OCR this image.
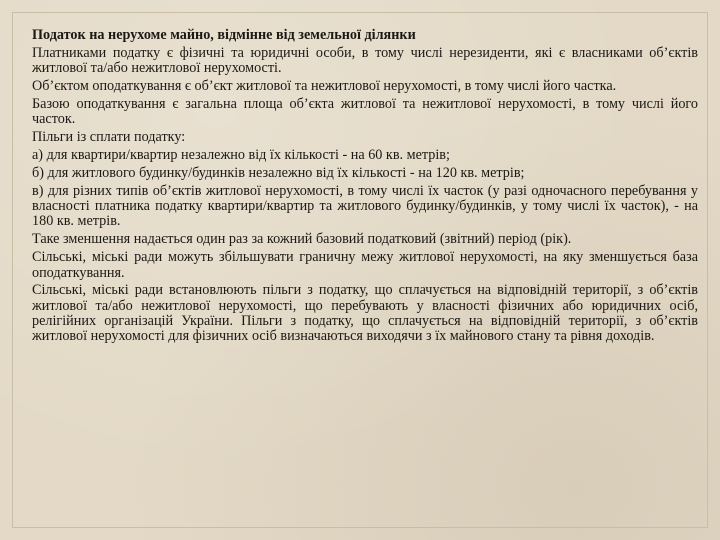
Податок на нерухоме майно, відмінне від земельної ділянки

Платниками податку є фізичні та юридичні особи, в тому числі нерезиденти, які є власниками об’єктів житлової та/або нежитлової нерухомості.

Об’єктом оподаткування є об’єкт житлової та нежитлової нерухомості, в тому числі його частка.

Базою оподаткування є загальна площа об’єкта житлової та нежитлової нерухомості, в тому числі його часток.

Пільги із сплати податку:

а) для квартири/квартир незалежно від їх кількості - на 60 кв. метрів;

б) для житлового будинку/будинків незалежно від їх кількості - на 120 кв. метрів;

в) для різних типів об’єктів житлової нерухомості, в тому числі їх часток (у разі одночасного перебування у власності платника податку квартири/квартир та житлового будинку/будинків, у тому числі їх часток), - на 180 кв. метрів.

Таке зменшення надається один раз за кожний базовий податковий (звітний) період (рік).

Сільські, міські ради можуть збільшувати граничну межу житлової нерухомості, на яку зменшується база оподаткування.

Сільські, міські ради встановлюють пільги з податку, що сплачується на відповідній території, з об’єктів житлової та/або нежитлової нерухомості, що перебувають у власності фізичних або юридичних осіб, релігійних організацій України. Пільги з податку, що сплачується на відповідній території, з об’єктів житлової нерухомості для фізичних осіб визначаються виходячи з їх майнового стану та рівня доходів.
